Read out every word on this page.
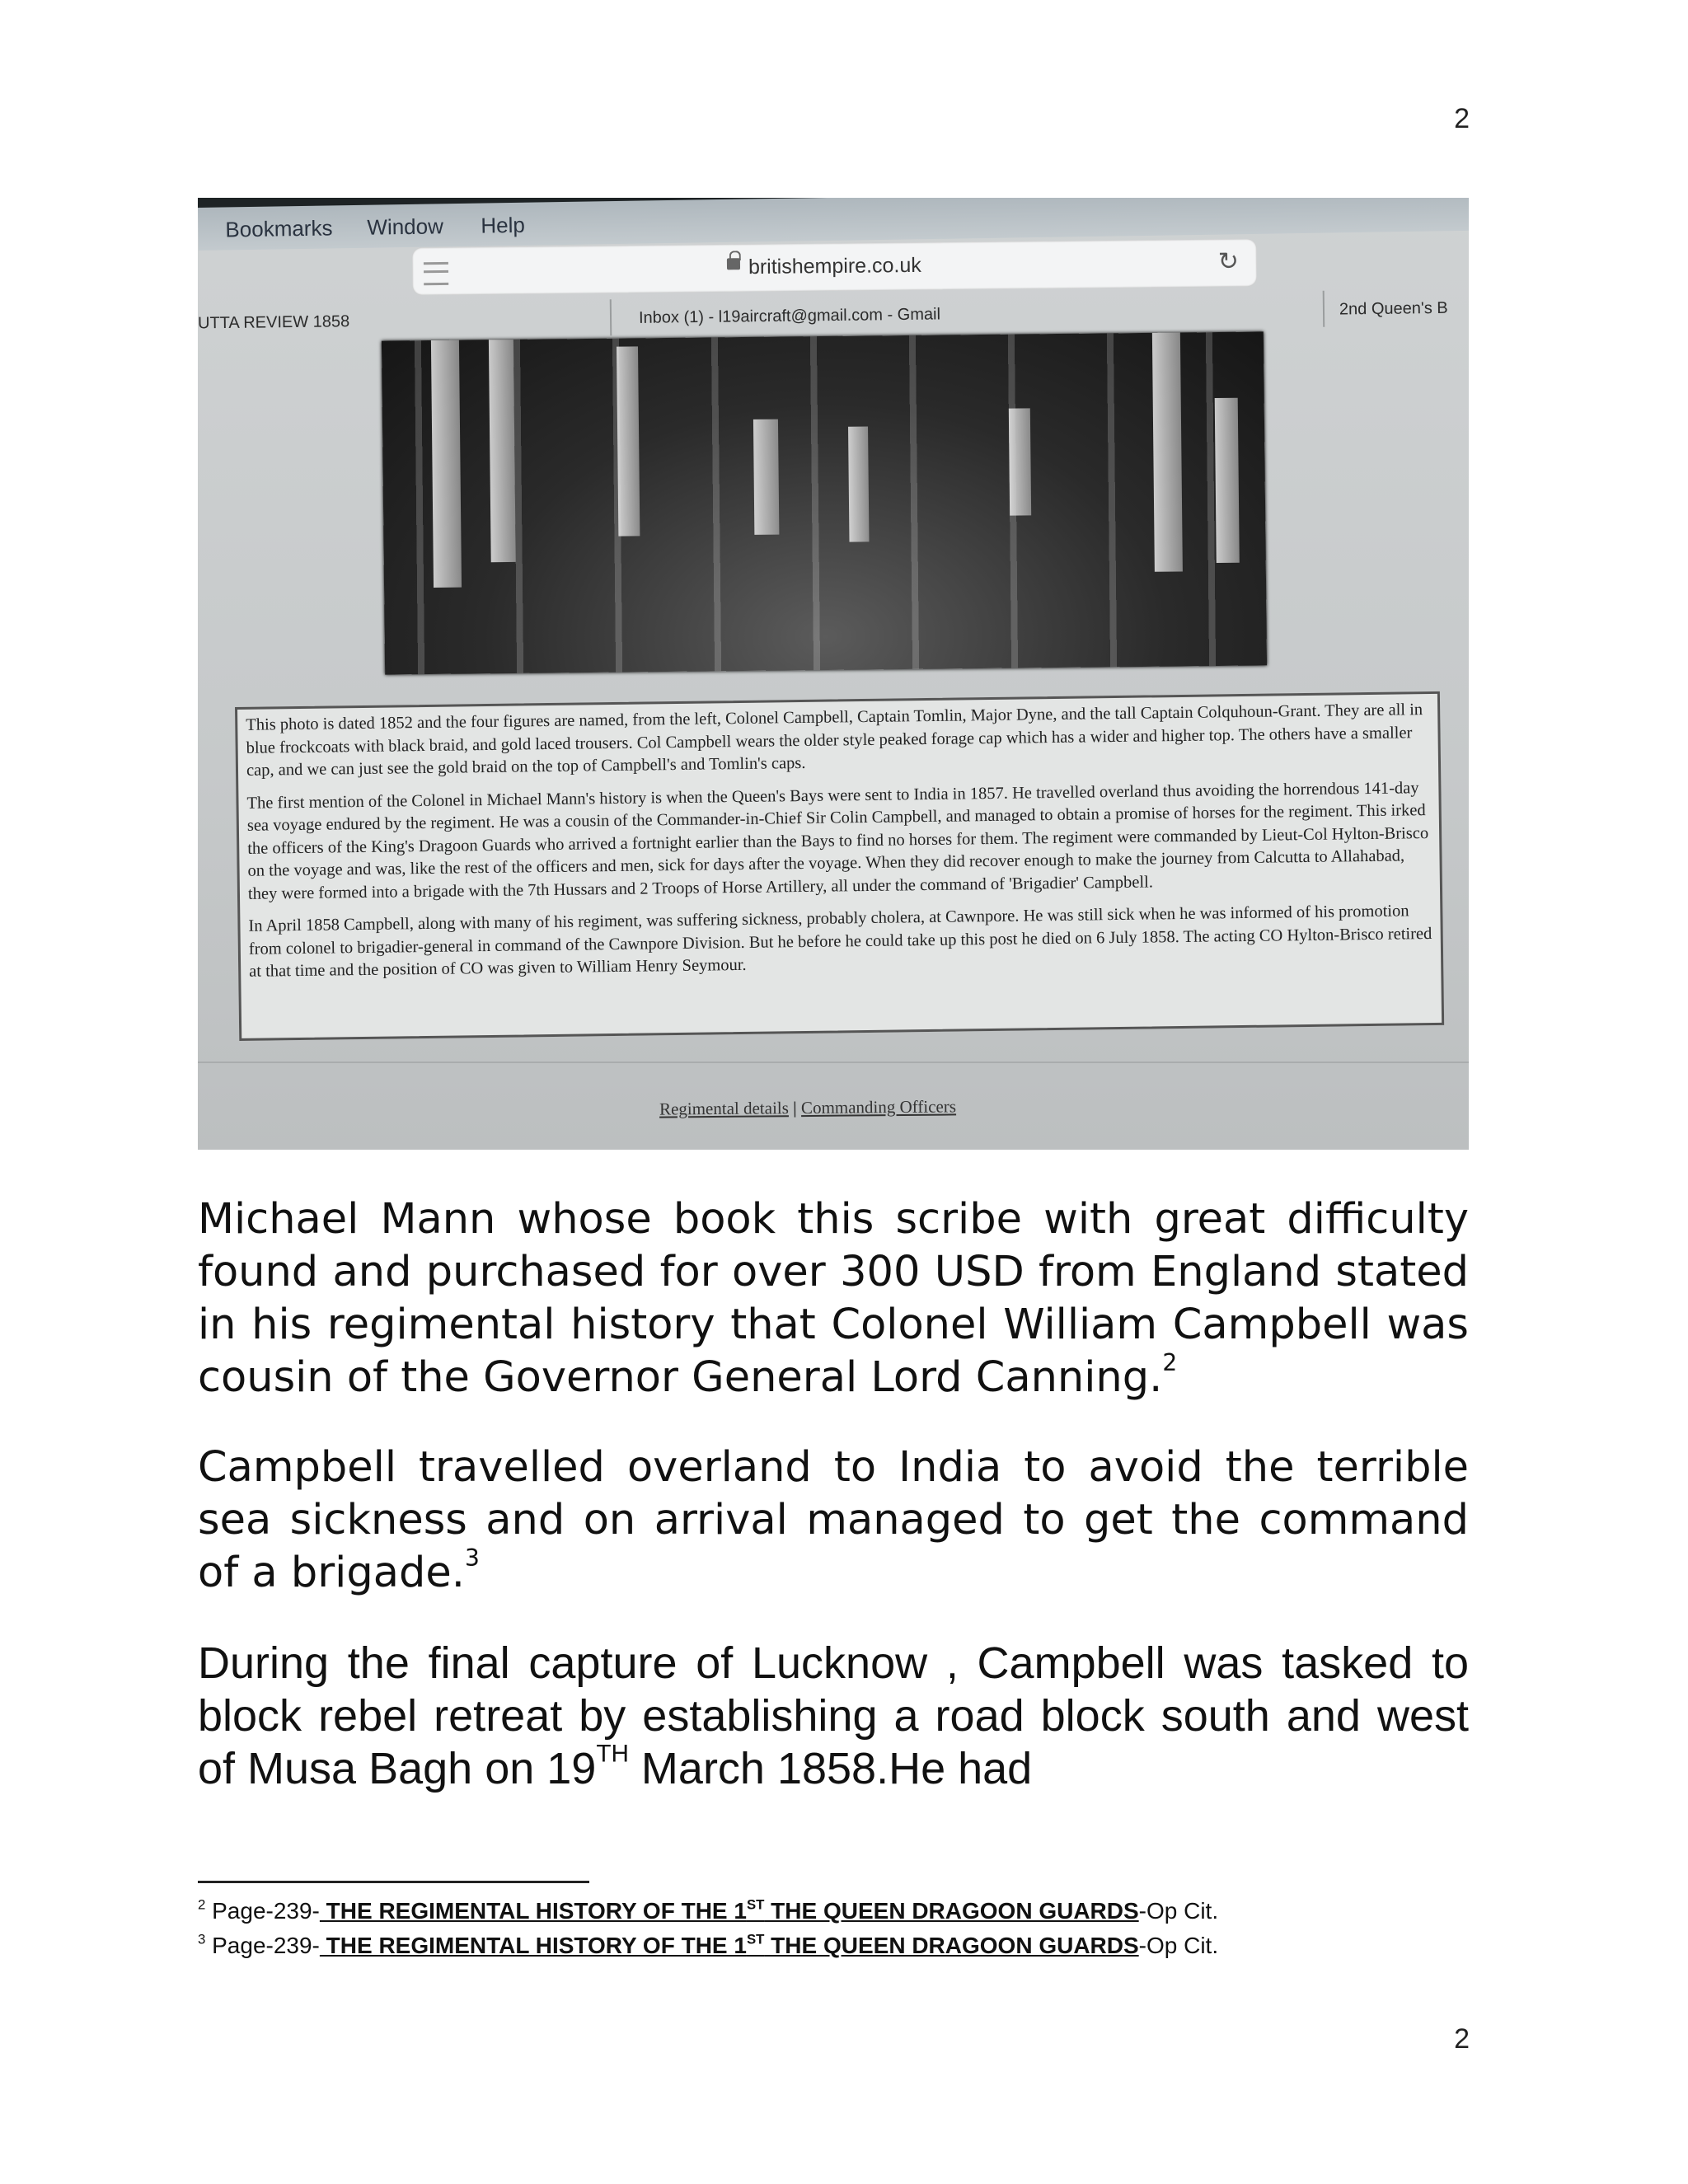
2
Bookmarks Window Help
britishempire.co.uk	↻
UTTA REVIEW 1858	Inbox (1) - l19aircraft@gmail.com - Gmail	2nd Queen's B

This photo is dated 1852 and the four figures are named, from the left, Colonel Campbell, Captain Tomlin, Major Dyne, and the tall Captain Colquhoun-Grant. They are all in blue frockcoats with black braid, and gold laced trousers. Col Campbell wears the older style peaked forage cap which has a wider and higher top. The others have a smaller cap, and we can just see the gold braid on the top of Campbell's and Tomlin's caps.

The first mention of the Colonel in Michael Mann's history is when the Queen's Bays were sent to India in 1857. He travelled overland thus avoiding the horrendous 141-day sea voyage endured by the regiment. He was a cousin of the Commander-in-Chief Sir Colin Campbell, and managed to obtain a promise of horses for the regiment. This irked the officers of the King's Dragoon Guards who arrived a fortnight earlier than the Bays to find no horses for them. The regiment were commanded by Lieut-Col Hylton-Brisco on the voyage and was, like the rest of the officers and men, sick for days after the voyage. When they did recover enough to make the journey from Calcutta to Allahabad, they were formed into a brigade with the 7th Hussars and 2 Troops of Horse Artillery, all under the command of 'Brigadier' Campbell.

In April 1858 Campbell, along with many of his regiment, was suffering sickness, probably cholera, at Cawnpore. He was still sick when he was informed of his promotion from colonel to brigadier-general in command of the Cawnpore Division. But he before he could take up this post he died on 6 July 1858. The acting CO Hylton-Brisco retired at that time and the position of CO was given to William Henry Seymour.

Regimental details | Commanding Officers

Michael Mann whose book this scribe with great difficulty found and purchased for over 300 USD from England stated in his regimental history that Colonel William Campbell was cousin of the Governor General Lord Canning.$^2$

Campbell travelled overland to India to avoid the terrible sea sickness and on arrival managed to get the command of a brigade.$^3$

During the final capture of Lucknow , Campbell was tasked to block rebel retreat by establishing a road block south and west of Musa Bagh on 19TH March 1858.He had

$^2$ Page-239- THE REGIMENTAL HISTORY OF THE 1ST THE QUEEN DRAGOON GUARDS-Op Cit.
$^3$ Page-239- THE REGIMENTAL HISTORY OF THE 1ST THE QUEEN DRAGOON GUARDS-Op Cit.
2
